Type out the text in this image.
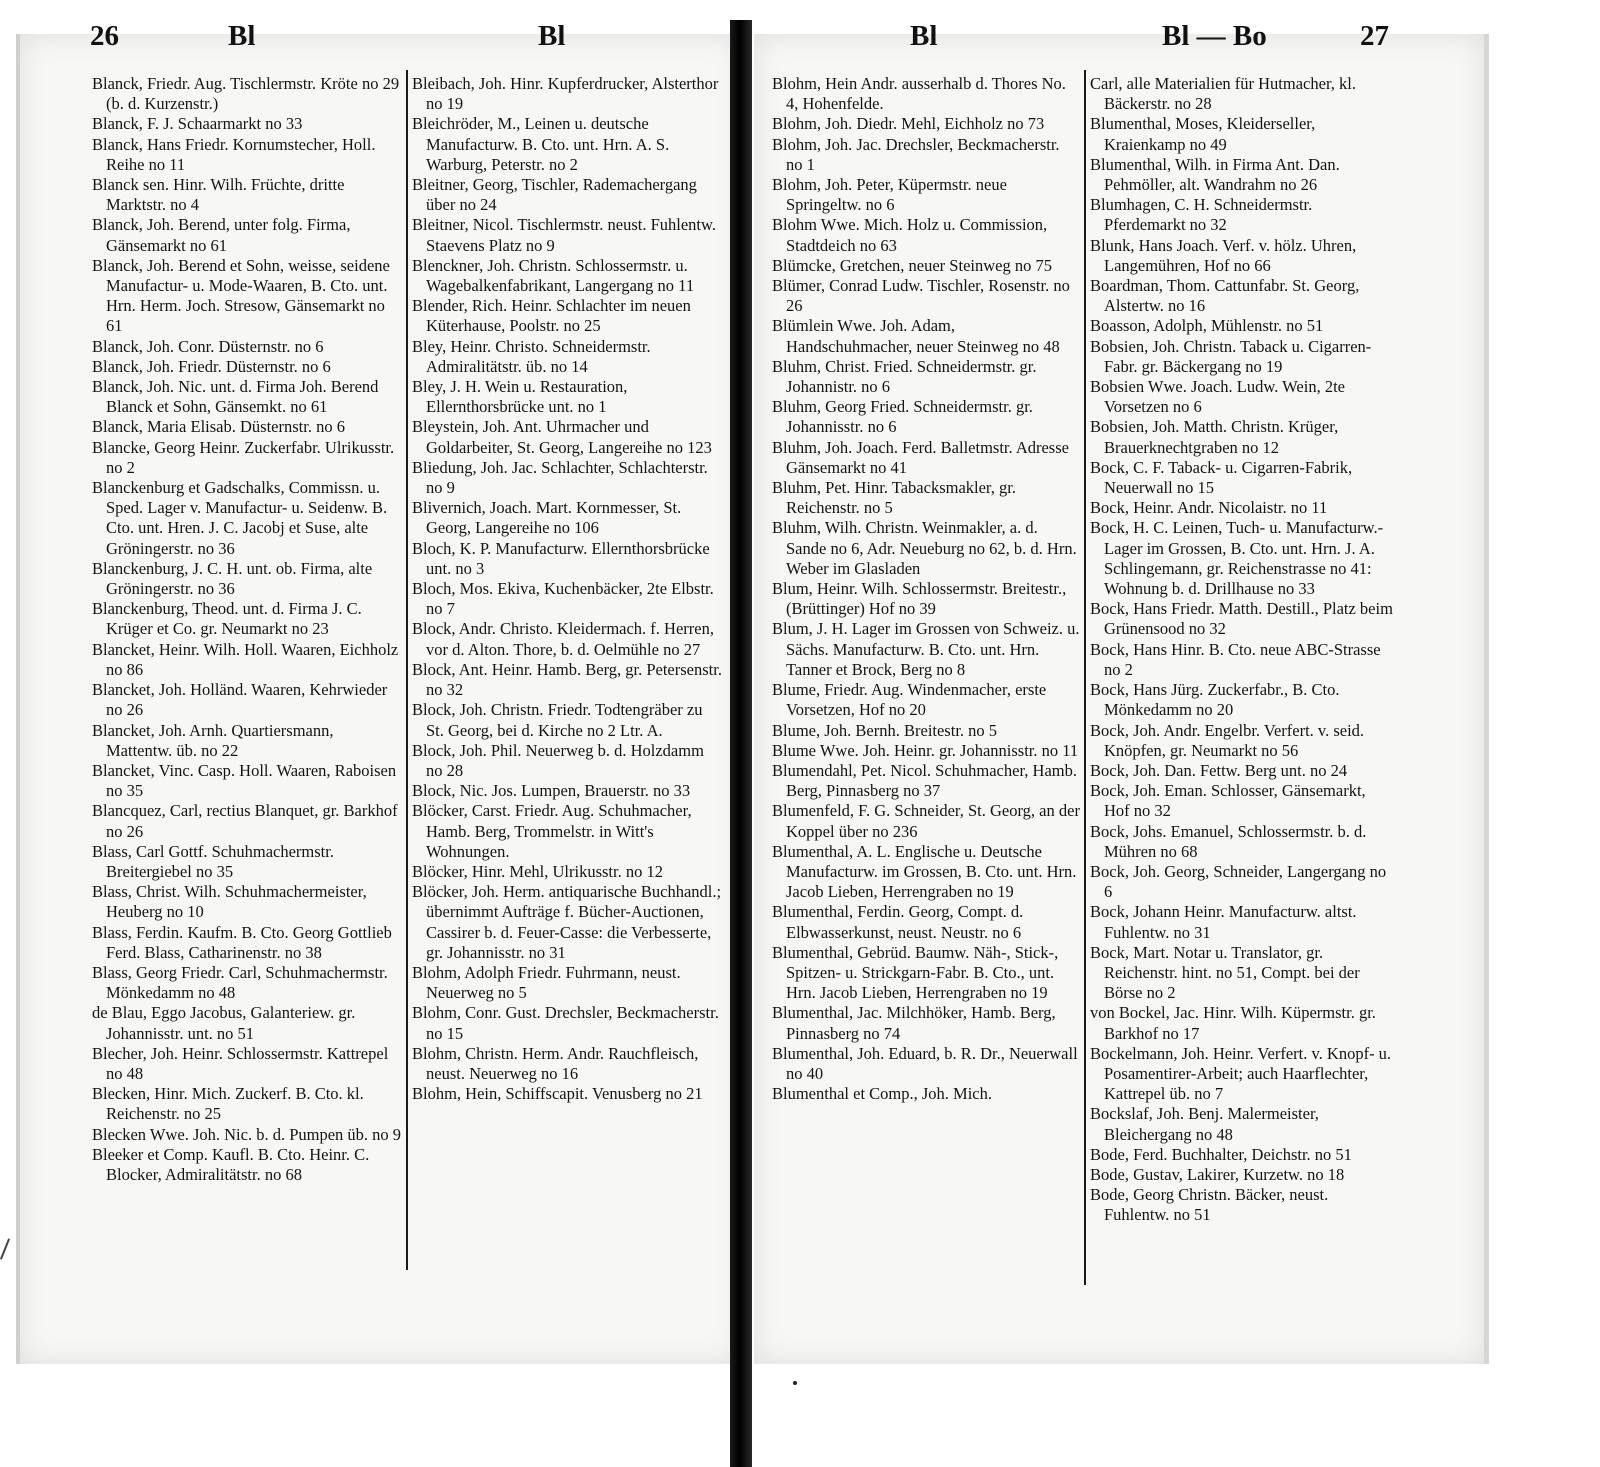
26	Bl	Bl	Bl	Bl — Bo	27

Blanck, Friedr. Aug. Tischlermstr. Kröte no 29 (b. d. Kurzenstr.)

Blanck, F. J. Schaarmarkt no 33

Blanck, Hans Friedr. Kornumstecher, Holl. Reihe no 11

Blanck sen. Hinr. Wilh. Früchte, dritte Marktstr. no 4

Blanck, Joh. Berend, unter folg. Firma, Gänsemarkt no 61

Blanck, Joh. Berend et Sohn, weisse, seidene Manufactur- u. Mode-Waaren, B. Cto. unt. Hrn. Herm. Joch. Stresow, Gänsemarkt no 61

Blanck, Joh. Conr. Düsternstr. no 6

Blanck, Joh. Friedr. Düsternstr. no 6

Blanck, Joh. Nic. unt. d. Firma Joh. Berend Blanck et Sohn, Gänsemkt. no 61

Blanck, Maria Elisab. Düsternstr. no 6

Blancke, Georg Heinr. Zuckerfabr. Ulrikusstr. no 2

Blanckenburg et Gadschalks, Commissn. u. Sped. Lager v. Manufactur- u. Seidenw. B. Cto. unt. Hren. J. C. Jacobj et Suse, alte Gröningerstr. no 36

Blanckenburg, J. C. H. unt. ob. Firma, alte Gröningerstr. no 36

Blanckenburg, Theod. unt. d. Firma J. C. Krüger et Co. gr. Neumarkt no 23

Blancket, Heinr. Wilh. Holl. Waaren, Eichholz no 86

Blancket, Joh. Holländ. Waaren, Kehrwieder no 26

Blancket, Joh. Arnh. Quartiersmann, Mattentw. üb. no 22

Blancket, Vinc. Casp. Holl. Waaren, Raboisen no 35

Blancquez, Carl, rectius Blanquet, gr. Barkhof no 26

Blass, Carl Gottf. Schuhmachermstr. Breitergiebel no 35

Blass, Christ. Wilh. Schuhmachermeister, Heuberg no 10

Blass, Ferdin. Kaufm. B. Cto. Georg Gottlieb Ferd. Blass, Catharinenstr. no 38

Blass, Georg Friedr. Carl, Schuhmachermstr. Mönkedamm no 48

de Blau, Eggo Jacobus, Galanteriew. gr. Johannisstr. unt. no 51

Blecher, Joh. Heinr. Schlossermstr. Kattrepel no 48

Blecken, Hinr. Mich. Zuckerf. B. Cto. kl. Reichenstr. no 25

Blecken Wwe. Joh. Nic. b. d. Pumpen üb. no 9

Bleeker et Comp. Kaufl. B. Cto. Heinr. C. Blocker, Admiralitätstr. no 68

Bleibach, Joh. Hinr. Kupferdrucker, Alsterthor no 19

Bleichröder, M., Leinen u. deutsche Manufacturw. B. Cto. unt. Hrn. A. S. Warburg, Peterstr. no 2

Bleitner, Georg, Tischler, Rademachergang über no 24

Bleitner, Nicol. Tischlermstr. neust. Fuhlentw. Staevens Platz no 9

Blenckner, Joh. Christn. Schlossermstr. u. Wagebalkenfabrikant, Langergang no 11

Blender, Rich. Heinr. Schlachter im neuen Küterhause, Poolstr. no 25

Bley, Heinr. Christo. Schneidermstr. Admiralitätstr. üb. no 14

Bley, J. H. Wein u. Restauration, Ellernthorsbrücke unt. no 1

Bleystein, Joh. Ant. Uhrmacher und Goldarbeiter, St. Georg, Langereihe no 123

Bliedung, Joh. Jac. Schlachter, Schlachterstr. no 9

Blivernich, Joach. Mart. Kornmesser, St. Georg, Langereihe no 106

Bloch, K. P. Manufacturw. Ellernthorsbrücke unt. no 3

Bloch, Mos. Ekiva, Kuchenbäcker, 2te Elbstr. no 7

Block, Andr. Christo. Kleidermach. f. Herren, vor d. Alton. Thore, b. d. Oelmühle no 27

Block, Ant. Heinr. Hamb. Berg, gr. Petersenstr. no 32

Block, Joh. Christn. Friedr. Todtengräber zu St. Georg, bei d. Kirche no 2 Ltr. A.

Block, Joh. Phil. Neuerweg b. d. Holzdamm no 28

Block, Nic. Jos. Lumpen, Brauerstr. no 33

Blöcker, Carst. Friedr. Aug. Schuhmacher, Hamb. Berg, Trommelstr. in Witt's Wohnungen.

Blöcker, Hinr. Mehl, Ulrikusstr. no 12

Blöcker, Joh. Herm. antiquarische Buchhandl.; übernimmt Aufträge f. Bücher-Auctionen, Cassirer b. d. Feuer-Casse: die Verbesserte, gr. Johannisstr. no 31

Blohm, Adolph Friedr. Fuhrmann, neust. Neuerweg no 5

Blohm, Conr. Gust. Drechsler, Beckmacherstr. no 15

Blohm, Christn. Herm. Andr. Rauchfleisch, neust. Neuerweg no 16

Blohm, Hein, Schiffscapit. Venusberg no 21

Blohm, Hein Andr. ausserhalb d. Thores No. 4, Hohenfelde.

Blohm, Joh. Diedr. Mehl, Eichholz no 73

Blohm, Joh. Jac. Drechsler, Beckmacherstr. no 1

Blohm, Joh. Peter, Küpermstr. neue Springeltw. no 6

Blohm Wwe. Mich. Holz u. Commission, Stadtdeich no 63

Blümcke, Gretchen, neuer Steinweg no 75

Blümer, Conrad Ludw. Tischler, Rosenstr. no 26

Blümlein Wwe. Joh. Adam, Handschuhmacher, neuer Steinweg no 48

Bluhm, Christ. Fried. Schneidermstr. gr. Johannistr. no 6

Bluhm, Georg Fried. Schneidermstr. gr. Johannisstr. no 6

Bluhm, Joh. Joach. Ferd. Balletmstr. Adresse Gänsemarkt no 41

Bluhm, Pet. Hinr. Tabacksmakler, gr. Reichenstr. no 5

Bluhm, Wilh. Christn. Weinmakler, a. d. Sande no 6, Adr. Neueburg no 62, b. d. Hrn. Weber im Glasladen

Blum, Heinr. Wilh. Schlossermstr. Breitestr., (Brüttinger) Hof no 39

Blum, J. H. Lager im Grossen von Schweiz. u. Sächs. Manufacturw. B. Cto. unt. Hrn. Tanner et Brock, Berg no 8

Blume, Friedr. Aug. Windenmacher, erste Vorsetzen, Hof no 20

Blume, Joh. Bernh. Breitestr. no 5

Blume Wwe. Joh. Heinr. gr. Johannisstr. no 11

Blumendahl, Pet. Nicol. Schuhmacher, Hamb. Berg, Pinnasberg no 37

Blumenfeld, F. G. Schneider, St. Georg, an der Koppel über no 236

Blumenthal, A. L. Englische u. Deutsche Manufacturw. im Grossen, B. Cto. unt. Hrn. Jacob Lieben, Herrengraben no 19

Blumenthal, Ferdin. Georg, Compt. d. Elbwasserkunst, neust. Neustr. no 6

Blumenthal, Gebrüd. Baumw. Näh-, Stick-, Spitzen- u. Strickgarn-Fabr. B. Cto., unt. Hrn. Jacob Lieben, Herrengraben no 19

Blumenthal, Jac. Milchhöker, Hamb. Berg, Pinnasberg no 74

Blumenthal, Joh. Eduard, b. R. Dr., Neuerwall no 40

Blumenthal et Comp., Joh. Mich.

Carl, alle Materialien für Hutmacher, kl. Bäckerstr. no 28

Blumenthal, Moses, Kleiderseller, Kraienkamp no 49

Blumenthal, Wilh. in Firma Ant. Dan. Pehmöller, alt. Wandrahm no 26

Blumhagen, C. H. Schneidermstr. Pferdemarkt no 32

Blunk, Hans Joach. Verf. v. hölz. Uhren, Langemühren, Hof no 66

Boardman, Thom. Cattunfabr. St. Georg, Alstertw. no 16

Boasson, Adolph, Mühlenstr. no 51

Bobsien, Joh. Christn. Taback u. Cigarren-Fabr. gr. Bäckergang no 19

Bobsien Wwe. Joach. Ludw. Wein, 2te Vorsetzen no 6

Bobsien, Joh. Matth. Christn. Krüger, Brauerknechtgraben no 12

Bock, C. F. Taback- u. Cigarren-Fabrik, Neuerwall no 15

Bock, Heinr. Andr. Nicolaistr. no 11

Bock, H. C. Leinen, Tuch- u. Manufacturw.-Lager im Grossen, B. Cto. unt. Hrn. J. A. Schlingemann, gr. Reichenstrasse no 41: Wohnung b. d. Drillhause no 33

Bock, Hans Friedr. Matth. Destill., Platz beim Grünensood no 32

Bock, Hans Hinr. B. Cto. neue ABC-Strasse no 2

Bock, Hans Jürg. Zuckerfabr., B. Cto. Mönkedamm no 20

Bock, Joh. Andr. Engelbr. Verfert. v. seid. Knöpfen, gr. Neumarkt no 56

Bock, Joh. Dan. Fettw. Berg unt. no 24

Bock, Joh. Eman. Schlosser, Gänsemarkt, Hof no 32

Bock, Johs. Emanuel, Schlossermstr. b. d. Mühren no 68

Bock, Joh. Georg, Schneider, Langergang no 6

Bock, Johann Heinr. Manufacturw. altst. Fuhlentw. no 31

Bock, Mart. Notar u. Translator, gr. Reichenstr. hint. no 51, Compt. bei der Börse no 2

von Bockel, Jac. Hinr. Wilh. Küpermstr. gr. Barkhof no 17

Bockelmann, Joh. Heinr. Verfert. v. Knopf- u. Posamentirer-Arbeit; auch Haarflechter, Kattrepel üb. no 7

Bockslaf, Joh. Benj. Malermeister, Bleichergang no 48

Bode, Ferd. Buchhalter, Deichstr. no 51

Bode, Gustav, Lakirer, Kurzetw. no 18

Bode, Georg Christn. Bäcker, neust. Fuhlentw. no 51
